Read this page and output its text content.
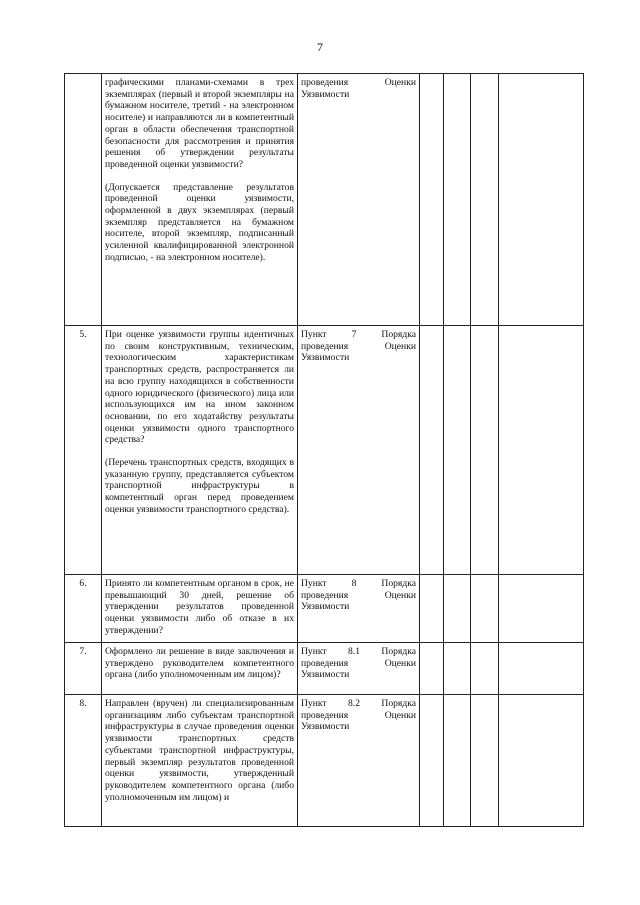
7

	графическими планами-схемами в трех экземплярах (первый и второй экземпляры на бумажном носителе, третий - на электронном носителе) и направляются ли в компетентный орган в области обеспечения транспортной безопасности для рассмотрения и принятия решения об утверждении результаты проведенной оценки уязвимости?

(Допускается представление результатов проведенной оценки уязвимости, оформленной в двух экземплярах (первый экземпляр представляется на бумажном носителе, второй экземпляр, подписанный усиленной квалифицированной электронной подписью, - на электронном носителе).	проведения Оценки Уязвимости				

5.	При оценке уязвимости группы идентичных по своим конструктивным, техническим, технологическим характеристикам транспортных средств, распространяется ли на всю группу находящихся в собственности одного юридического (физического) лица или использующихся им на ином законном основании, по его ходатайству результаты оценки уязвимости одного транспортного средства?

(Перечень транспортных средств, входящих в указанную группу, представляется субъектом транспортной инфраструктуры в компетентный орган перед проведением оценки уязвимости транспортного средства).	Пункт 7 Порядка проведения Оценки Уязвимости				

6.	Принято ли компетентным органом в срок, не превышающий 30 дней, решение об утверждении результатов проведенной оценки уязвимости либо об отказе в их утверждении?	Пункт 8 Порядка проведения Оценки Уязвимости				

7.	Оформлено ли решение в виде заключения и утверждено руководителем компетентного органа (либо уполномоченным им лицом)?	Пункт 8.1 Порядка проведения Оценки Уязвимости				

8.	Направлен (вручен) ли специализированным организациям либо субъектам транспортной инфраструктуры в случае проведения оценки уязвимости транспортных средств субъектами транспортной инфраструктуры, первый экземпляр результатов проведенной оценки уязвимости, утвержденный руководителем компетентного органа (либо уполномоченным им лицом) и	Пункт 8.2 Порядка проведения Оценки Уязвимости				
